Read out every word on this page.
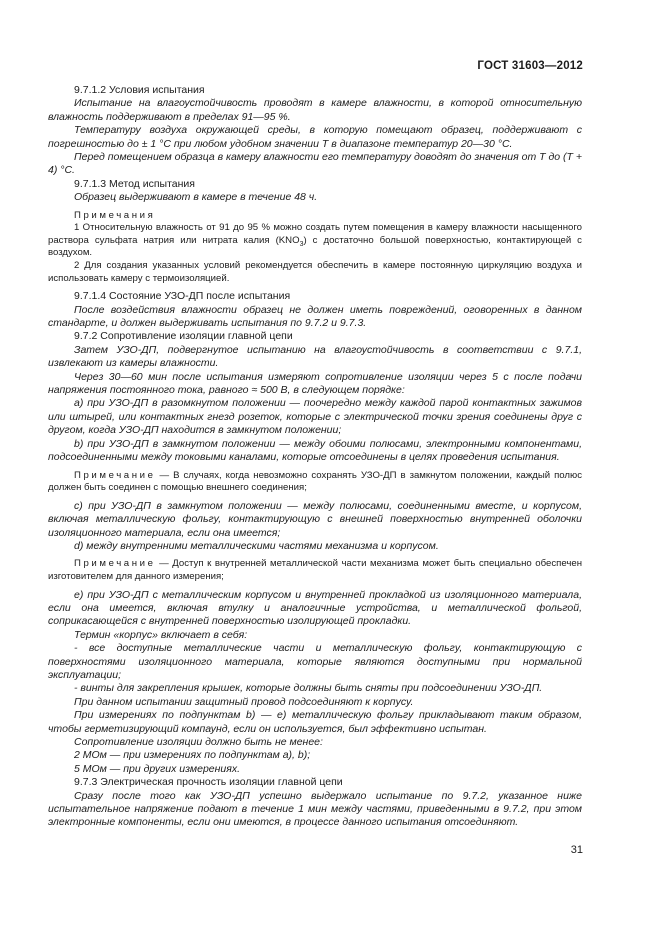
ГОСТ 31603—2012

9.7.1.2 Условия испытания

Испытание на влагоустойчивость проводят в камере влажности, в которой относительную влажность поддерживают в пределах 91—95 %.

Температуру воздуха окружающей среды, в которую помещают образец, поддерживают с погрешностью до ± 1 °C при любом удобном значении T в диапазоне температур 20—30 °C.

Перед помещением образца в камеру влажности его температуру доводят до значения от T до (T + 4) °C.

9.7.1.3 Метод испытания

Образец выдерживают в камере в течение 48 ч.

Примечания

1 Относительную влажность от 91 до 95 % можно создать путем помещения в камеру влажности насыщенного раствора сульфата натрия или нитрата калия $(KNO_3)$ с достаточно большой поверхностью, контактирующей с воздухом.

2 Для создания указанных условий рекомендуется обеспечить в камере постоянную циркуляцию воздуха и использовать камеру с термоизоляцией.

9.7.1.4 Состояние УЗО-ДП после испытания

После воздействия влажности образец не должен иметь повреждений, оговоренных в данном стандарте, и должен выдерживать испытания по 9.7.2 и 9.7.3.

9.7.2 Сопротивление изоляции главной цепи

Затем УЗО-ДП, подвергнутое испытанию на влагоустойчивость в соответствии с 9.7.1, извлекают из камеры влажности.

Через 30—60 мин после испытания измеряют сопротивление изоляции через 5 с после подачи напряжения постоянного тока, равного ≈ 500 В, в следующем порядке:

а) при УЗО-ДП в разомкнутом положении — поочередно между каждой парой контактных зажимов или штырей, или контактных гнезд розеток, которые с электрической точки зрения соединены друг с другом, когда УЗО-ДП находится в замкнутом положении;

b) при УЗО-ДП в замкнутом положении — между обоими полюсами, электронными компонентами, подсоединенными между токовыми каналами, которые отсоединены в целях проведения испытания.

Примечание — В случаях, когда невозможно сохранять УЗО-ДП в замкнутом положении, каждый полюс должен быть соединен с помощью внешнего соединения;

c) при УЗО-ДП в замкнутом положении — между полюсами, соединенными вместе, и корпусом, включая металлическую фольгу, контактирующую с внешней поверхностью внутренней оболочки изоляционного материала, если она имеется;

d) между внутренними металлическими частями механизма и корпусом.

Примечание — Доступ к внутренней металлической части механизма может быть специально обеспечен изготовителем для данного измерения;

e) при УЗО-ДП с металлическим корпусом и внутренней прокладкой из изоляционного материала, если она имеется, включая втулку и аналогичные устройства, и металлической фольгой, соприкасающейся с внутренней поверхностью изолирующей прокладки.

Термин «корпус» включает в себя:

- все доступные металлические части и металлическую фольгу, контактирующую с поверхностями изоляционного материала, которые являются доступными при нормальной эксплуатации;

- винты для закрепления крышек, которые должны быть сняты при подсоединении УЗО-ДП.

При данном испытании защитный провод подсоединяют к корпусу.

При измерениях по подпунктам b) — e) металлическую фольгу прикладывают таким образом, чтобы герметизирующий компаунд, если он используется, был эффективно испытан.

Сопротивление изоляции должно быть не менее:

2 МОм — при измерениях по подпунктам а), b);

5 МОм — при других измерениях.

9.7.3 Электрическая прочность изоляции главной цепи

Сразу после того как УЗО-ДП успешно выдержало испытание по 9.7.2, указанное ниже испытательное напряжение подают в течение 1 мин между частями, приведенными в 9.7.2, при этом электронные компоненты, если они имеются, в процессе данного испытания отсоединяют.

31
